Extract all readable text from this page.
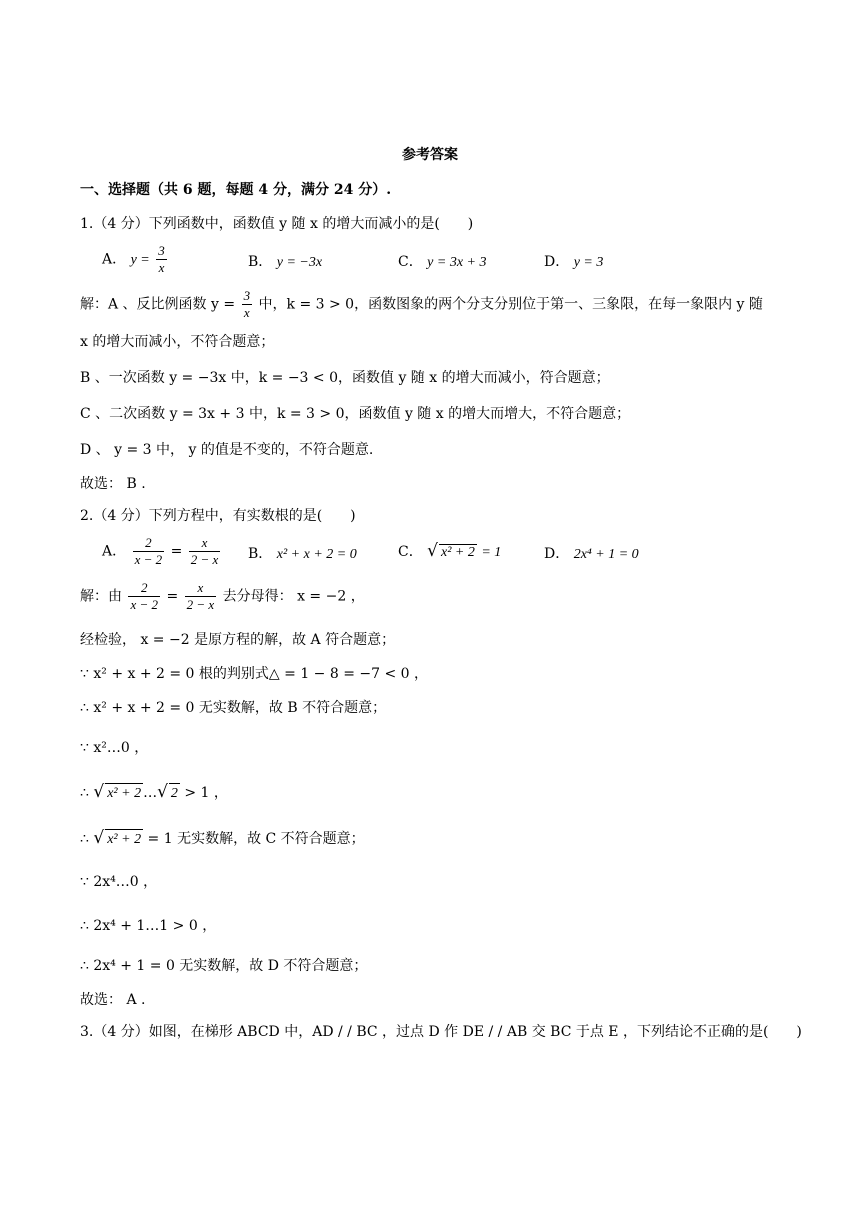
参考答案
一、选择题（共 6 题，每题 4 分，满分 24 分）.
1.（4 分）下列函数中，函数值 y 随 x 的增大而减小的是(　　)
A． $y = \frac{3}{x}$	B． y = −3x	C． y = 3x + 3	D． y = 3
解：A 、反比例函数 $y = \frac{3}{x}$ 中，k = 3 > 0，函数图象的两个分支分别位于第一、三象限，在每一象限内 y 随
x 的增大而减小，不符合题意；
B 、一次函数 y = −3x 中，k = −3 < 0，函数值 y 随 x 的增大而减小，符合题意；
C 、二次函数 y = 3x + 3 中，k = 3 > 0，函数值 y 随 x 的增大而增大，不符合题意；
D 、 y = 3 中， y 的值是不变的，不符合题意.
故选： B .
2.（4 分）下列方程中，有实数根的是(　　)
A． $\frac{2}{x - 2} = \frac{x}{2 - x}$ B． x² + x + 2 = 0	C． √ x² + 2 = 1	D． 2x⁴ + 1 = 0
解：由 $\frac{2}{x - 2} = \frac{x}{2 - x}$ 去分母得： x = −2 ，
经检验， x = −2 是原方程的解，故 A 符合题意；
∵ x² + x + 2 = 0 根的判别式△ = 1 − 8 = −7 < 0 ，
∴ x² + x + 2 = 0 无实数解，故 B 不符合题意；
∵ x²…0 ，
∴ √ x² + 2 …√ 2 > 1 ，
∴ √ x² + 2 = 1 无实数解，故 C 不符合题意；
∵ 2x⁴…0 ，
∴ 2x⁴ + 1…1 > 0 ，
∴ 2x⁴ + 1 = 0 无实数解，故 D 不符合题意；
故选： A .
3.（4 分）如图，在梯形 ABCD 中，AD / / BC ，过点 D 作 DE / / AB 交 BC 于点 E ，下列结论不正确的是(　　)
